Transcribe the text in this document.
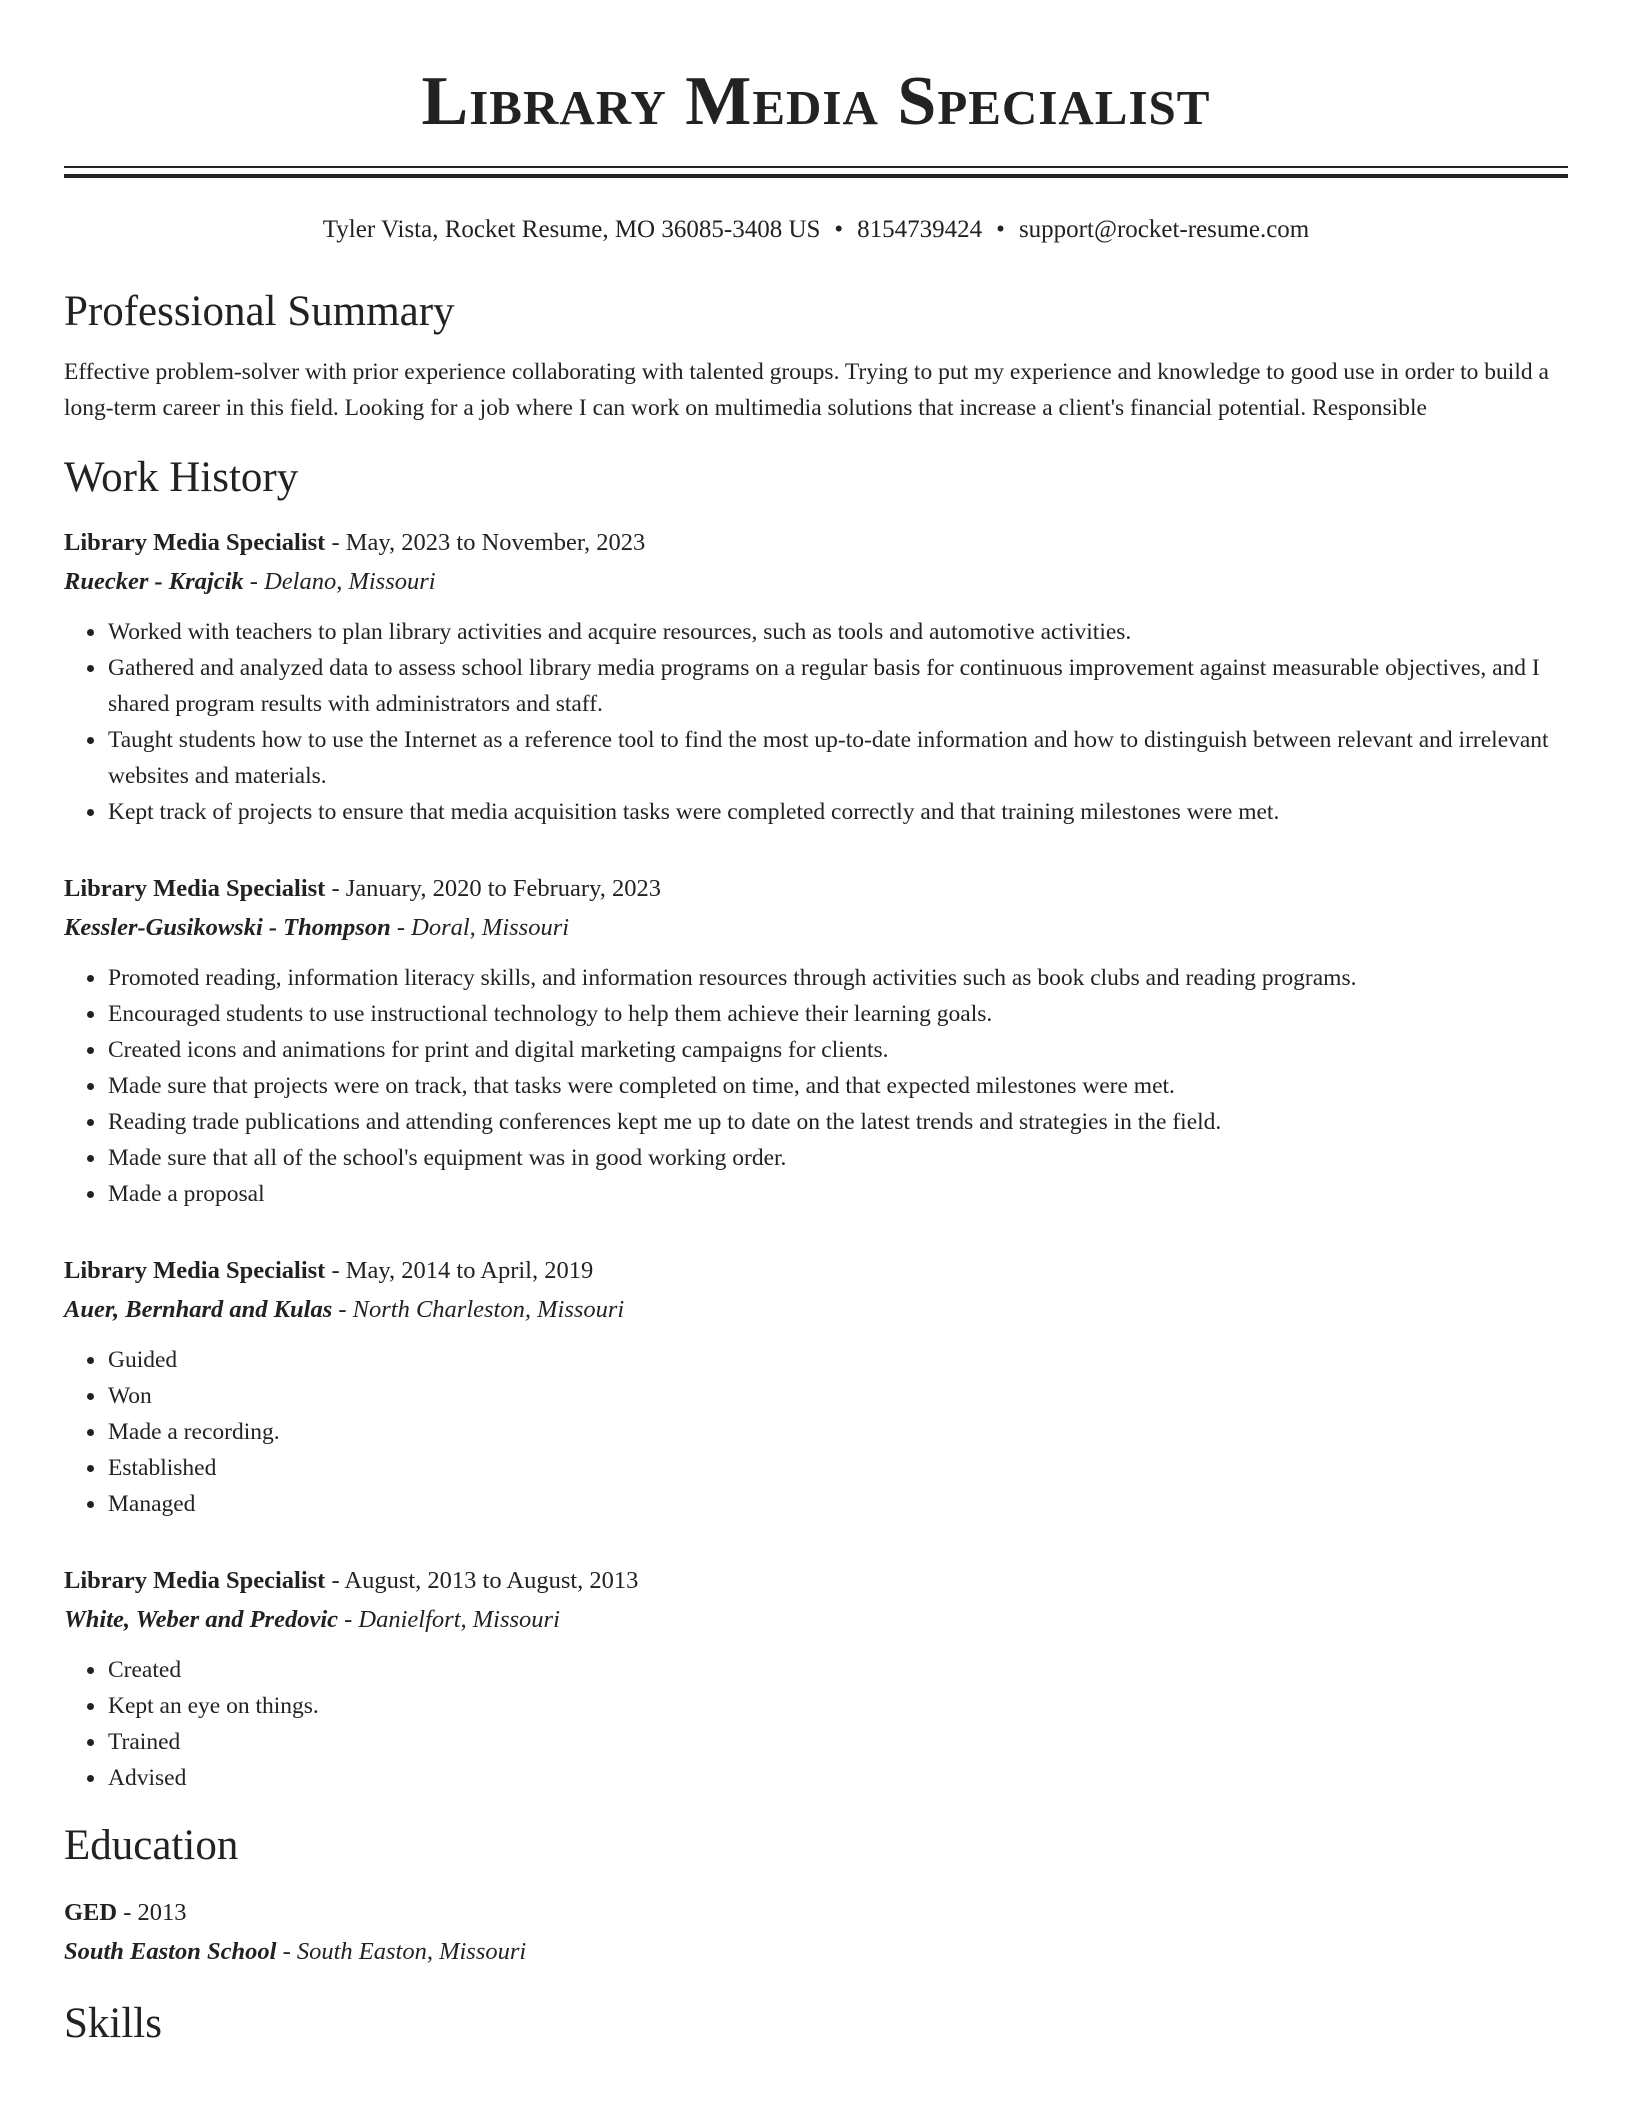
Library Media Specialist
Tyler Vista, Rocket Resume, MO 36085-3408 US • 8154739424 • support@rocket-resume.com
Professional Summary
Effective problem-solver with prior experience collaborating with talented groups. Trying to put my experience and knowledge to good use in order to build a long-term career in this field. Looking for a job where I can work on multimedia solutions that increase a client's financial potential. Responsible
Work History
Library Media Specialist - May, 2023 to November, 2023
Ruecker - Krajcik - Delano, Missouri
• Worked with teachers to plan library activities and acquire resources, such as tools and automotive activities.
• Gathered and analyzed data to assess school library media programs on a regular basis for continuous improvement against measurable objectives, and I shared program results with administrators and staff.
• Taught students how to use the Internet as a reference tool to find the most up-to-date information and how to distinguish between relevant and irrelevant websites and materials.
• Kept track of projects to ensure that media acquisition tasks were completed correctly and that training milestones were met.
Library Media Specialist - January, 2020 to February, 2023
Kessler-Gusikowski - Thompson - Doral, Missouri
• Promoted reading, information literacy skills, and information resources through activities such as book clubs and reading programs.
• Encouraged students to use instructional technology to help them achieve their learning goals.
• Created icons and animations for print and digital marketing campaigns for clients.
• Made sure that projects were on track, that tasks were completed on time, and that expected milestones were met.
• Reading trade publications and attending conferences kept me up to date on the latest trends and strategies in the field.
• Made sure that all of the school's equipment was in good working order.
• Made a proposal
Library Media Specialist - May, 2014 to April, 2019
Auer, Bernhard and Kulas - North Charleston, Missouri
• Guided
• Won
• Made a recording.
• Established
• Managed
Library Media Specialist - August, 2013 to August, 2013
White, Weber and Predovic - Danielfort, Missouri
• Created
• Kept an eye on things.
• Trained
• Advised
Education
GED - 2013
South Easton School - South Easton, Missouri
Skills
